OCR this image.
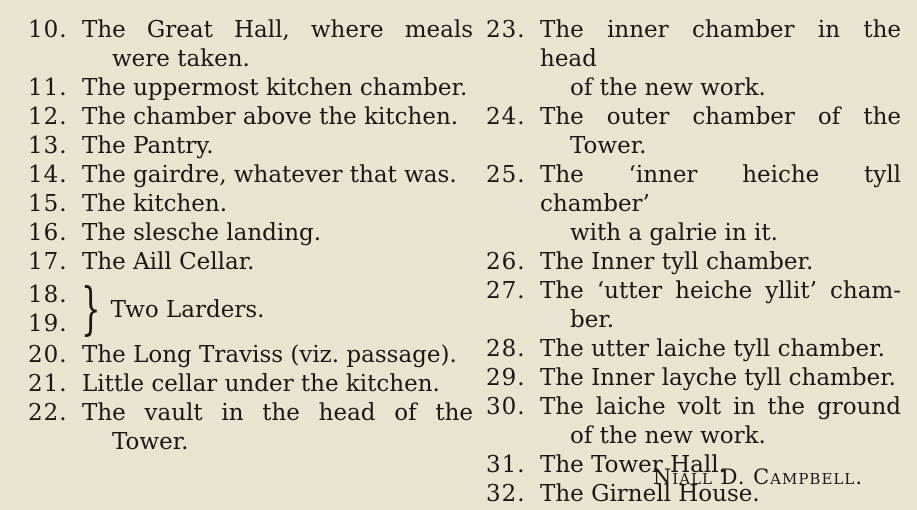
10. The Great Hall, where meals
were taken.
11. The uppermost kitchen chamber.
12. The chamber above the kitchen.
13. The Pantry.
14. The gairdre, whatever that was.
15. The kitchen.
16. The slesche landing.
17. The Aill Cellar.
18.
19. } Two Larders.
20. The Long Traviss (viz. passage).
21. Little cellar under the kitchen.
22. The vault in the head of the
Tower.
23. The inner chamber in the head
of the new work.
24. The outer chamber of the
Tower.
25. The ‘inner heiche tyll chamber’
with a galrie in it.
26. The Inner tyll chamber.
27. The ‘utter heiche yllit’ cham-
ber.
28. The utter laiche tyll chamber.
29. The Inner layche tyll chamber.
30. The laiche volt in the ground
of the new work.
31. The Tower Hall.
32. The Girnell House.
Niall D. Campbell.
